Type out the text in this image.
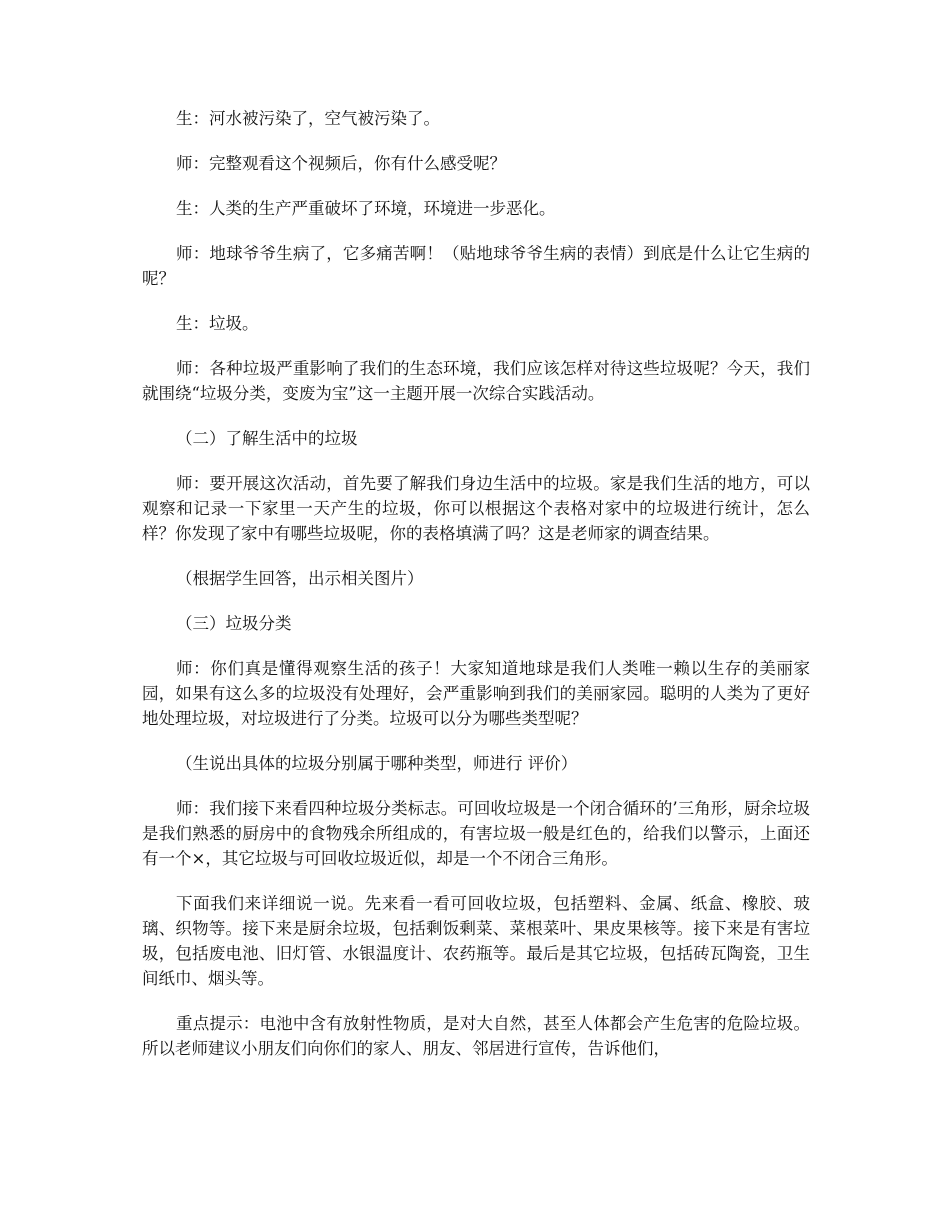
生：河水被污染了，空气被污染了。

师：完整观看这个视频后，你有什么感受呢？

生：人类的生产严重破坏了环境，环境进一步恶化。

师：地球爷爷生病了，它多痛苦啊！（贴地球爷爷生病的表情）到底是什么让它生病的呢？

生：垃圾。

师：各种垃圾严重影响了我们的生态环境，我们应该怎样对待这些垃圾呢？今天，我们就围绕“垃圾分类，变废为宝”这一主题开展一次综合实践活动。

（二）了解生活中的垃圾

师：要开展这次活动，首先要了解我们身边生活中的垃圾。家是我们生活的地方，可以观察和记录一下家里一天产生的垃圾，你可以根据这个表格对家中的垃圾进行统计，怎么样？你发现了家中有哪些垃圾呢，你的表格填满了吗？这是老师家的调查结果。

（根据学生回答，出示相关图片）

（三）垃圾分类

师：你们真是懂得观察生活的孩子！大家知道地球是我们人类唯一赖以生存的美丽家园，如果有这么多的垃圾没有处理好，会严重影响到我们的美丽家园。聪明的人类为了更好地处理垃圾，对垃圾进行了分类。垃圾可以分为哪些类型呢？

（生说出具体的垃圾分别属于哪种类型，师进行 评价）

师：我们接下来看四种垃圾分类标志。可回收垃圾是一个闭合循环的’三角形，厨余垃圾是我们熟悉的厨房中的食物残余所组成的，有害垃圾一般是红色的，给我们以警示，上面还有一个×，其它垃圾与可回收垃圾近似，却是一个不闭合三角形。

下面我们来详细说一说。先来看一看可回收垃圾，包括塑料、金属、纸盒、橡胶、玻璃、织物等。接下来是厨余垃圾，包括剩饭剩菜、菜根菜叶、果皮果核等。接下来是有害垃圾，包括废电池、旧灯管、水银温度计、农药瓶等。最后是其它垃圾，包括砖瓦陶瓷，卫生间纸巾、烟头等。

重点提示：电池中含有放射性物质，是对大自然，甚至人体都会产生危害的危险垃圾。所以老师建议小朋友们向你们的家人、朋友、邻居进行宣传，告诉他们，
